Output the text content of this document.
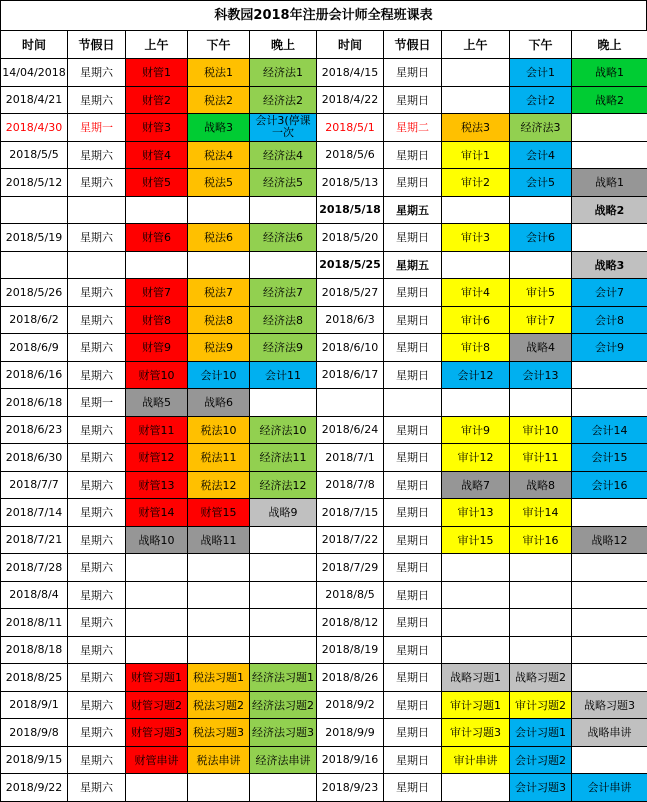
科教园2018年注册会计师全程班课表
时间	节假日	上午	下午	晚上	时间	节假日	上午	下午	晚上
14/04/2018	星期六	财管1	税法1	经济法1	2018/4/15	星期日		会计1	战略1
2018/4/21	星期六	财管2	税法2	经济法2	2018/4/22	星期日		会计2	战略2
2018/4/30	星期一	财管3	战略3	会计3(停课一次	2018/5/1	星期二	税法3	经济法3	
2018/5/5	星期六	财管4	税法4	经济法4	2018/5/6	星期日	审计1	会计4	
2018/5/12	星期六	财管5	税法5	经济法5	2018/5/13	星期日	审计2	会计5	战略1
					2018/5/18	星期五			战略2
2018/5/19	星期六	财管6	税法6	经济法6	2018/5/20	星期日	审计3	会计6	
					2018/5/25	星期五			战略3
2018/5/26	星期六	财管7	税法7	经济法7	2018/5/27	星期日	审计4	审计5	会计7
2018/6/2	星期六	财管8	税法8	经济法8	2018/6/3	星期日	审计6	审计7	会计8
2018/6/9	星期六	财管9	税法9	经济法9	2018/6/10	星期日	审计8	战略4	会计9
2018/6/16	星期六	财管10	会计10	会计11	2018/6/17	星期日	会计12	会计13	
2018/6/18	星期一	战略5	战略6						
2018/6/23	星期六	财管11	税法10	经济法10	2018/6/24	星期日	审计9	审计10	会计14
2018/6/30	星期六	财管12	税法11	经济法11	2018/7/1	星期日	审计12	审计11	会计15
2018/7/7	星期六	财管13	税法12	经济法12	2018/7/8	星期日	战略7	战略8	会计16
2018/7/14	星期六	财管14	财管15	战略9	2018/7/15	星期日	审计13	审计14	
2018/7/21	星期六	战略10	战略11		2018/7/22	星期日	审计15	审计16	战略12
2018/7/28	星期六				2018/7/29	星期日			
2018/8/4	星期六				2018/8/5	星期日			
2018/8/11	星期六				2018/8/12	星期日			
2018/8/18	星期六				2018/8/19	星期日			
2018/8/25	星期六	财管习题1	税法习题1	经济法习题1	2018/8/26	星期日	战略习题1	战略习题2	
2018/9/1	星期六	财管习题2	税法习题2	经济法习题2	2018/9/2	星期日	审计习题1	审计习题2	战略习题3
2018/9/8	星期六	财管习题3	税法习题3	经济法习题3	2018/9/9	星期日	审计习题3	会计习题1	战略串讲
2018/9/15	星期六	财管串讲	税法串讲	经济法串讲	2018/9/16	星期日	审计串讲	会计习题2	
2018/9/22	星期六				2018/9/23	星期日		会计习题3	会计串讲
